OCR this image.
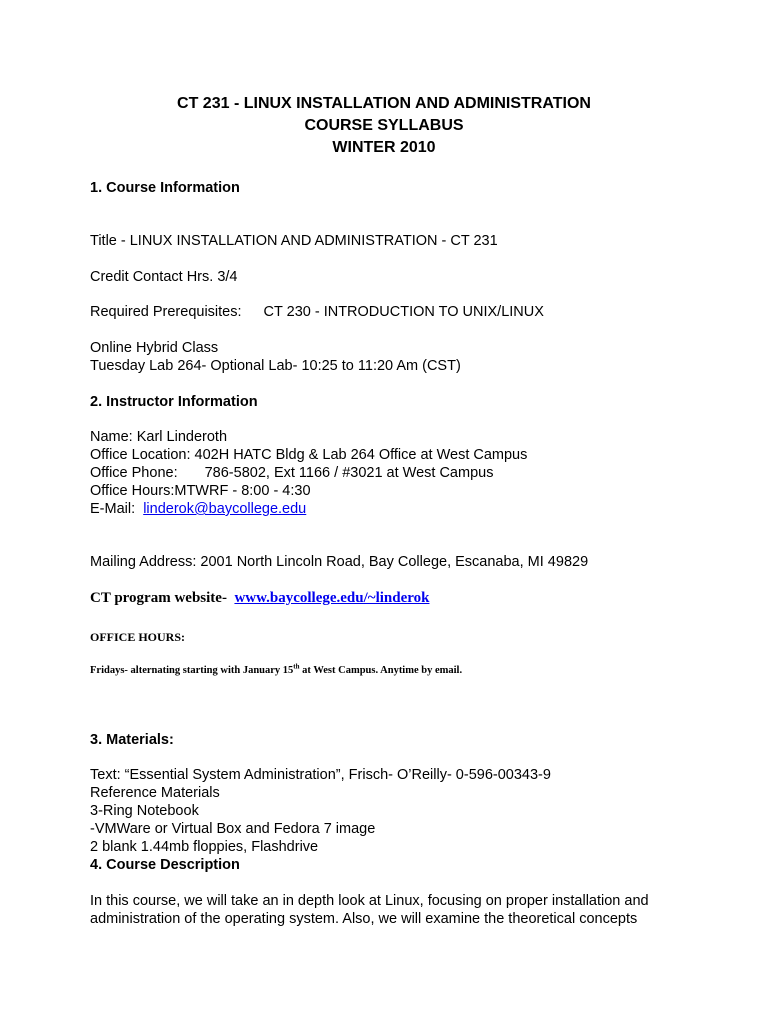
CT 231 - LINUX INSTALLATION AND ADMINISTRATION
COURSE SYLLABUS
WINTER 2010
1. Course Information
Title - LINUX INSTALLATION AND ADMINISTRATION - CT 231
Credit Contact Hrs. 3/4
Required Prerequisites: CT 230 - INTRODUCTION TO UNIX/LINUX
Online Hybrid Class
Tuesday Lab 264- Optional Lab- 10:25 to 11:20 Am (CST)
2. Instructor Information
Name: Karl Linderoth
Office Location: 402H HATC Bldg & Lab 264 Office at West Campus
Office Phone: 786-5802, Ext 1166 / #3021 at West Campus
Office Hours:MTWRF - 8:00 - 4:30
E-Mail: linderok@baycollege.edu
Mailing Address: 2001 North Lincoln Road, Bay College, Escanaba, MI 49829
CT program website- www.baycollege.edu/~linderok
OFFICE HOURS:
Fridays- alternating starting with January 15th at West Campus. Anytime by email.
3. Materials:
Text: “Essential System Administration”, Frisch- O’Reilly- 0-596-00343-9
Reference Materials
3-Ring Notebook
-VMWare or Virtual Box and Fedora 7 image
2 blank 1.44mb floppies, Flashdrive
4. Course Description
In this course, we will take an in depth look at Linux, focusing on proper installation and
administration of the operating system. Also, we will examine the theoretical concepts
